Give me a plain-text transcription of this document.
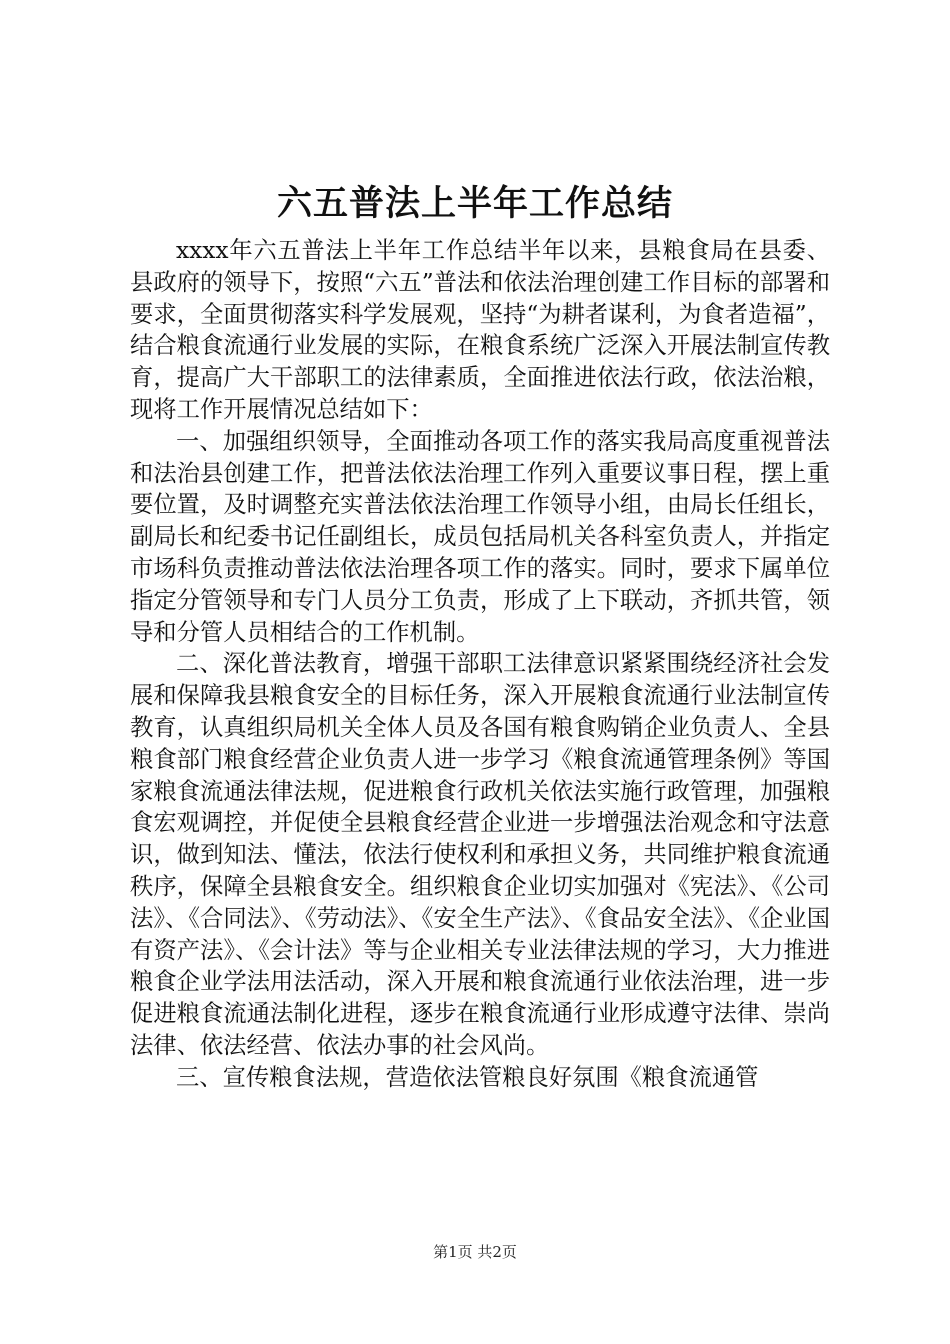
六五普法上半年工作总结

xxxx年六五普法上半年工作总结半年以来，县粮食局在县委、县政府的领导下，按照“六五”普法和依法治理创建工作目标的部署和要求，全面贯彻落实科学发展观，坚持“为耕者谋利，为食者造福”，结合粮食流通行业发展的实际，在粮食系统广泛深入开展法制宣传教育，提高广大干部职工的法律素质，全面推进依法行政，依法治粮，现将工作开展情况总结如下：

一、加强组织领导，全面推动各项工作的落实我局高度重视普法和法治县创建工作，把普法依法治理工作列入重要议事日程，摆上重要位置，及时调整充实普法依法治理工作领导小组，由局长任组长，副局长和纪委书记任副组长，成员包括局机关各科室负责人，并指定市场科负责推动普法依法治理各项工作的落实。同时，要求下属单位指定分管领导和专门人员分工负责，形成了上下联动，齐抓共管，领导和分管人员相结合的工作机制。

二、深化普法教育，增强干部职工法律意识紧紧围绕经济社会发展和保障我县粮食安全的目标任务，深入开展粮食流通行业法制宣传教育，认真组织局机关全体人员及各国有粮食购销企业负责人、全县粮食部门粮食经营企业负责人进一步学习《粮食流通管理条例》等国家粮食流通法律法规，促进粮食行政机关依法实施行政管理，加强粮食宏观调控，并促使全县粮食经营企业进一步增强法治观念和守法意识，做到知法、懂法，依法行使权利和承担义务，共同维护粮食流通秩序，保障全县粮食安全。组织粮食企业切实加强对《宪法》、《公司法》、《合同法》、《劳动法》、《安全生产法》、《食品安全法》、《企业国有资产法》、《会计法》等与企业相关专业法律法规的学习，大力推进粮食企业学法用法活动，深入开展和粮食流通行业依法治理，进一步促进粮食流通法制化进程，逐步在粮食流通行业形成遵守法律、崇尚法律、依法经营、依法办事的社会风尚。

三、宣传粮食法规，营造依法管粮良好氛围《粮食流通管

第1页 共2页
